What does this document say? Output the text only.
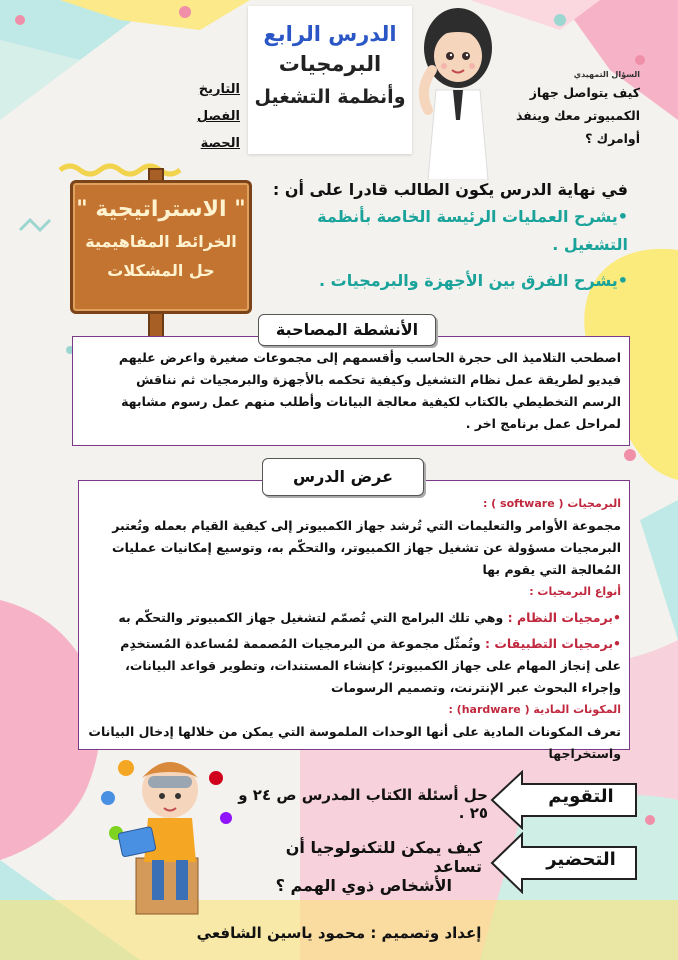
الدرس الرابع
البرمجيات
وأنظمة التشغيل
التاريخ
الفصل
الحصة
السؤال التمهيدي
كيف يتواصل جهاز
الكمبيوتر معك وينفذ
أوامرك ؟
" الاستراتيجية "
الخرائط المفاهيمية
حل المشكلات
في نهاية الدرس يكون الطالب قادرا على أن :
•يشرح العمليات الرئيسة الخاصة بأنظمة
التشغيل .
•يشرح الفرق بين الأجهزة والبرمجيات .
اصطحب التلاميذ الى حجرة الحاسب وأقسمهم إلى مجموعات صغيرة واعرض عليهم
فيديو لطريقة عمل نظام التشغيل وكيفية تحكمه بالأجهزة والبرمجيات ثم نناقش
الرسم التخطيطي بالكتاب لكيفية معالجة البيانات وأطلب منهم عمل رسوم مشابهة
لمراحل عمل برنامج اخر .
الأنشطة المصاحبة
البرمجيات ( software ) :
مجموعة الأوامر والتعليمات التي تُرشد جهاز الكمبيوتر إلى كيفية القيام بعمله وتُعتبر
البرمجيات مسؤولة عن تشغيل جهاز الكمبيوتر، والتحكّم به، وتوسيع إمكانيات عمليات
المُعالجة التي يقوم بها
أنواع البرمجيات :
•برمجيات النظام : وهي تلك البرامج التي تُصمّم لتشغيل جهاز الكمبيوتر والتحكّم به
•برمجيات التطبيقات : وتُمثّل مجموعة من البرمجيات المُصممة لمُساعدة المُستخدِم
على إنجاز المهام على جهاز الكمبيوتر؛ كإنشاء المستندات، وتطوير قواعد البيانات،
وإجراء البحوث عبر الإنترنت، وتصميم الرسومات
المكونات المادية ( hardware) :
تعرف المكونات المادية على أنها الوحدات الملموسة التي يمكن من خلالها إدخال البيانات
واستخراجها
عرض الدرس
التقويم
حل أسئلة الكتاب المدرس ص ٢٤ و ٢٥ .
التحضير
كيف يمكن للتكنولوجيا أن تساعد
الأشخاص ذوي الهمم ؟
إعداد وتصميم : محمود ياسين الشافعي
